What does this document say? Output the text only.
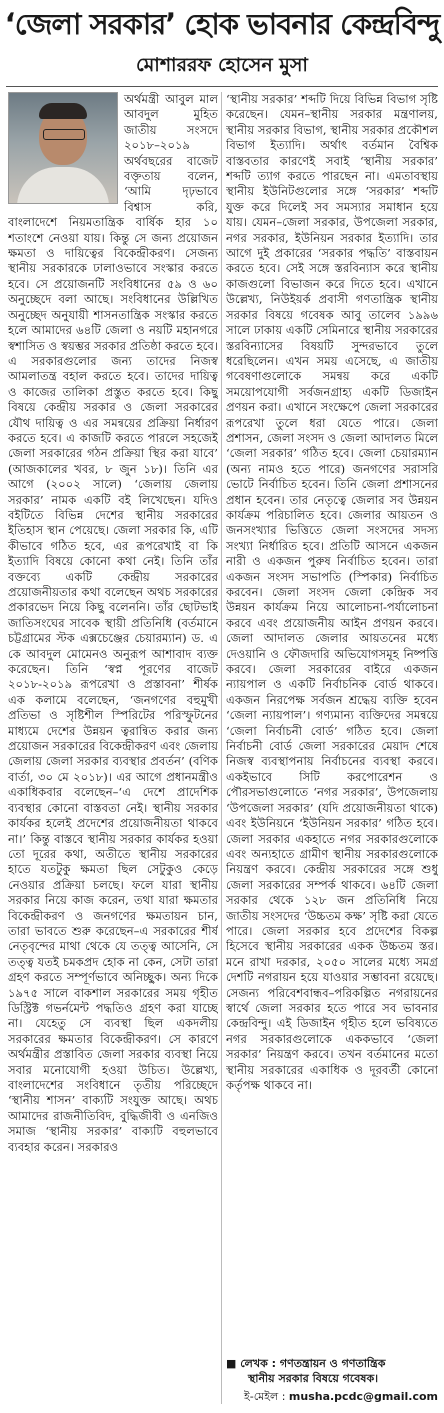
‘জেলা সরকার’ হোক ভাবনার কেন্দ্রবিন্দু
মোশাররফ হোসেন মুসা

অর্থমন্ত্রী আবুল মাল আবদুল মুহিত জাতীয় সংসদে ২০১৮–২০১৯ অর্থবছরের বাজেট বক্তৃতায় বলেন, ‘আমি দৃঢ়ভাবে বিশ্বাস করি, বাংলাদেশে নিয়মতান্ত্রিক বার্ষিক হার ১০ শতাংশে নেওয়া যায়। কিন্তু সে জন্য প্রয়োজন ক্ষমতা ও দায়িত্বের বিকেন্দ্রীকরণ। সেজন্য স্থানীয় সরকারকে ঢালাওভাবে সংস্কার করতে হবে। সে প্রয়োজনটি সংবিধানের ৫৯ ও ৬০ অনুচ্ছেদে বলা আছে। সংবিধানের উল্লিখিত অনুচ্ছেদ অনুযায়ী শাসনতান্ত্রিক সংস্কার করতে হলে আমাদের ৬৪টি জেলা ও নয়টি মহানগরে স্বশাসিত ও স্বয়ম্ভর সরকার প্রতিষ্ঠা করতে হবে। এ সরকারগুলোর জন্য তাদের নিজস্ব আমলাতন্ত্র বহাল করতে হবে। তাদের দায়িত্ব ও কাজের তালিকা প্রস্তুত করতে হবে। কিছু বিষয়ে কেন্দ্রীয় সরকার ও জেলা সরকারের যৌথ দায়িত্ব ও এর সমন্বয়ের প্রক্রিয়া নির্ধারণ করতে হবে। এ কাজটি করতে পারলে সহজেই জেলা সরকারের গঠন প্রক্রিয়া স্থির করা যাবে’ (আজকালের খবর, ৮ জুন ১৮)। তিনি এর আগে (২০০২ সালে) ‘জেলায় জেলায় সরকার’ নামক একটি বই লিখেছেন। যদিও বইটিতে বিভিন্ন দেশের স্থানীয় সরকারের ইতিহাস স্থান পেয়েছে। জেলা সরকার কি, এটি কীভাবে গঠিত হবে, এর রূপরেখাই বা কি ইত্যাদি বিষয়ে কোনো কথা নেই। তিনি তাঁর বক্তব্যে একটি কেন্দ্রীয় সরকারের প্রয়োজনীয়তার কথা বলেছেন অথচ সরকারের প্রকারভেদ নিয়ে কিছু বলেননি। তাঁর ছোটভাই জাতিসংঘের সাবেক স্থায়ী প্রতিনিধি (বর্তমানে চট্টগ্রামের স্টক এক্সচেঞ্জের চেয়ারম্যান) ড. এ কে আবদুল মোমেনও অনুরূপ আশাবাদ ব্যক্ত করেছেন। তিনি ‘স্বপ্ন পূরণের বাজেট ২০১৮-২০১৯ রূপরেখা ও প্রস্তাবনা’ শীর্ষক এক কলামে বলেছেন, ‘জনগণের বহুমুখী প্রতিভা ও সৃষ্টিশীল স্পিরিটের পরিস্ফুটনের মাধ্যমে দেশের উন্নয়ন ত্বরান্বিত করার জন্য প্রয়োজন সরকারের বিকেন্দ্রীকরণ এবং জেলায় জেলায় জেলা সরকার ব্যবস্থার প্রবর্তন’ (বণিক বার্তা, ৩০ মে ২০১৮)। এর আগে প্রধানমন্ত্রীও একাধিকবার বলেছেন–‘এ দেশে প্রাদেশিক ব্যবস্থার কোনো বাস্তবতা নেই। স্থানীয় সরকার কার্যকর হলেই প্রদেশের প্রয়োজনীয়তা থাকবে না।’ কিন্তু বাস্তবে স্থানীয় সরকার কার্যকর হওয়া তো দূরের কথা, অতীতে স্থানীয় সরকারের হাতে যতটুকু ক্ষমতা ছিল সেটুকুও কেড়ে নেওয়ার প্রক্রিয়া চলছে। ফলে যারা স্থানীয় সরকার নিয়ে কাজ করেন, তথা যারা ক্ষমতার বিকেন্দ্রীকরণ ও জনগণের ক্ষমতায়ন চান, তারা ভাবতে শুরু করেছেন–এ সরকারের শীর্ষ নেতৃবৃন্দের মাথা থেকে যে তত্ত্ব আসেনি, সে তত্ত্ব যতই চমকপ্রদ হোক না কেন, সেটা তারা গ্রহণ করতে সম্পূর্ণভাবে অনিচ্ছুক। অন্য দিকে ১৯৭৫ সালে বাকশাল সরকারের সময় গৃহীত ডিস্ট্রিক্ট গভর্নমেন্ট পদ্ধতিও গ্রহণ করা যাচ্ছে না। যেহেতু সে ব্যবস্থা ছিল একদলীয় সরকারের ক্ষমতার বিকেন্দ্রীকরণ। সে কারণে অর্থমন্ত্রীর প্রস্তাবিত জেলা সরকার ব্যবস্থা নিয়ে সবার মনোযোগী হওয়া উচিত। উল্লেখ্য, বাংলাদেশের সংবিধানে তৃতীয় পরিচ্ছেদে ‘স্থানীয় শাসন’ বাক্যটি সংযুক্ত আছে। অথচ আমাদের রাজনীতিবিদ, বুদ্ধিজীবী ও এনজিও সমাজ ‘স্থানীয় সরকার’ বাক্যটি বহুলভাবে ব্যবহার করেন। সরকারও

‘স্থানীয় সরকার’ শব্দটি দিয়ে বিভিন্ন বিভাগ সৃষ্টি করেছেন। যেমন–স্থানীয় সরকার মন্ত্রণালয়, স্থানীয় সরকার বিভাগ, স্থানীয় সরকার প্রকৌশল বিভাগ ইত্যাদি। অর্থাৎ বর্তমান বৈশ্বিক বাস্তবতার কারণেই সবাই ‘স্থানীয় সরকার’ শব্দটি ত্যাগ করতে পারছেন না। এমতাবস্থায় স্থানীয় ইউনিটগুলোর সঙ্গে ‘সরকার’ শব্দটি যুক্ত করে দিলেই সব সমস্যার সমাধান হয়ে যায়। যেমন–জেলা সরকার, উপজেলা সরকার, নগর সরকার, ইউনিয়ন সরকার ইত্যাদি। তার আগে দুই প্রকারের ‘সরকার পদ্ধতি’ বাস্তবায়ন করতে হবে। সেই সঙ্গে স্তরবিন্যাস করে স্থানীয় কাজগুলো বিভাজন করে দিতে হবে। এখানে উল্লেখ্য, নিউইয়র্ক প্রবাসী গণতান্ত্রিক স্থানীয় সরকার বিষয়ে গবেষক আবু তালেব ১৯৯৬ সালে ঢাকায় একটি সেমিনারে স্থানীয় সরকারের স্তরবিন্যাসের বিষয়টি সুন্দরভাবে তুলে ধরেছিলেন। এখন সময় এসেছে, এ জাতীয় গবেষণাগুলোকে সমন্বয় করে একটি সময়োপযোগী সর্বজনগ্রাহ্য একটি ডিজাইন প্রণয়ন করা। এখানে সংক্ষেপে জেলা সরকারের রূপরেখা তুলে ধরা যেতে পারে। জেলা প্রশাসন, জেলা সংসদ ও জেলা আদালত মিলে ‘জেলা সরকার’ গঠিত হবে। জেলা চেয়ারম্যান (অন্য নামও হতে পারে) জনগণের সরাসরি ভোটে নির্বাচিত হবেন। তিনি জেলা প্রশাসনের প্রধান হবেন। তার নেতৃত্বে জেলার সব উন্নয়ন কার্যক্রম পরিচালিত হবে। জেলার আয়তন ও জনসংখ্যার ভিত্তিতে জেলা সংসদের সদস্য সংখ্যা নির্ধারিত হবে। প্রতিটি আসনে একজন নারী ও একজন পুরুষ নির্বাচিত হবেন। তারা একজন সংসদ সভাপতি (স্পিকার) নির্বাচিত করবেন। জেলা সংসদ জেলা কেন্দ্রিক সব উন্নয়ন কার্যক্রম নিয়ে আলোচনা-পর্যালোচনা করবে এবং প্রয়োজনীয় আইন প্রণয়ন করবে। জেলা আদালত জেলার আয়তনের মধ্যে দেওয়ানি ও ফৌজদারি অভিযোগসমূহ নিষ্পত্তি করবে। জেলা সরকারের বাইরে একজন ন্যায়পাল ও একটি নির্বাচনিক বোর্ড থাকবে। একজন নিরপেক্ষ সর্বজন শ্রদ্ধেয় ব্যক্তি হবেন ‘জেলা ন্যায়পাল’। গণ্যমান্য ব্যক্তিদের সমন্বয়ে ‘জেলা নির্বাচনী বোর্ড’ গঠিত হবে। জেলা নির্বাচনী বোর্ড জেলা সরকারের মেয়াদ শেষে নিজস্ব ব্যবস্থাপনায় নির্বাচনের ব্যবস্থা করবে। একইভাবে সিটি করপোরেশন ও পৌরসভাগুলোতে ‘নগর সরকার’, উপজেলায় ‘উপজেলা সরকার’ (যদি প্রয়োজনীয়তা থাকে) এবং ইউনিয়নে ‘ইউনিয়ন সরকার’ গঠিত হবে। জেলা সরকার একহাতে নগর সরকারগুলোকে এবং অন্যহাতে গ্রামীণ স্থানীয় সরকারগুলোকে নিয়ন্ত্রণ করবে। কেন্দ্রীয় সরকারের সঙ্গে শুধু জেলা সরকারের সম্পর্ক থাকবে। ৬৪টি জেলা সরকার থেকে ১২৮ জন প্রতিনিধি নিয়ে জাতীয় সংসদের ‘উচ্চতম কক্ষ’ সৃষ্টি করা যেতে পারে। জেলা সরকার হবে প্রদেশের বিকল্প হিসেবে স্থানীয় সরকারের একক উচ্চতম স্তর। মনে রাখা দরকার, ২০৫০ সালের মধ্যে সমগ্র দেশটি নগরায়ন হয়ে যাওয়ার সম্ভাবনা রয়েছে। সেজন্য পরিবেশবান্ধব–পরিকল্পিত নগরায়নের স্বার্থে জেলা সরকার হতে পারে সব ভাবনার কেন্দ্রবিন্দু। এই ডিজাইন গৃহীত হলে ভবিষ্যতে নগর সরকারগুলোকে এককভাবে ‘জেলা সরকার’ নিয়ন্ত্রণ করবে। তখন বর্তমানের মতো স্থানীয় সরকারের একাধিক ও দূরবর্তী কোনো কর্তৃপক্ষ থাকবে না।

■ লেখক : গণতন্ত্রায়ন ও গণতান্ত্রিক
স্থানীয় সরকার বিষয়ে গবেষক।
ই-মেইল : musha.pcdc@gmail.com
